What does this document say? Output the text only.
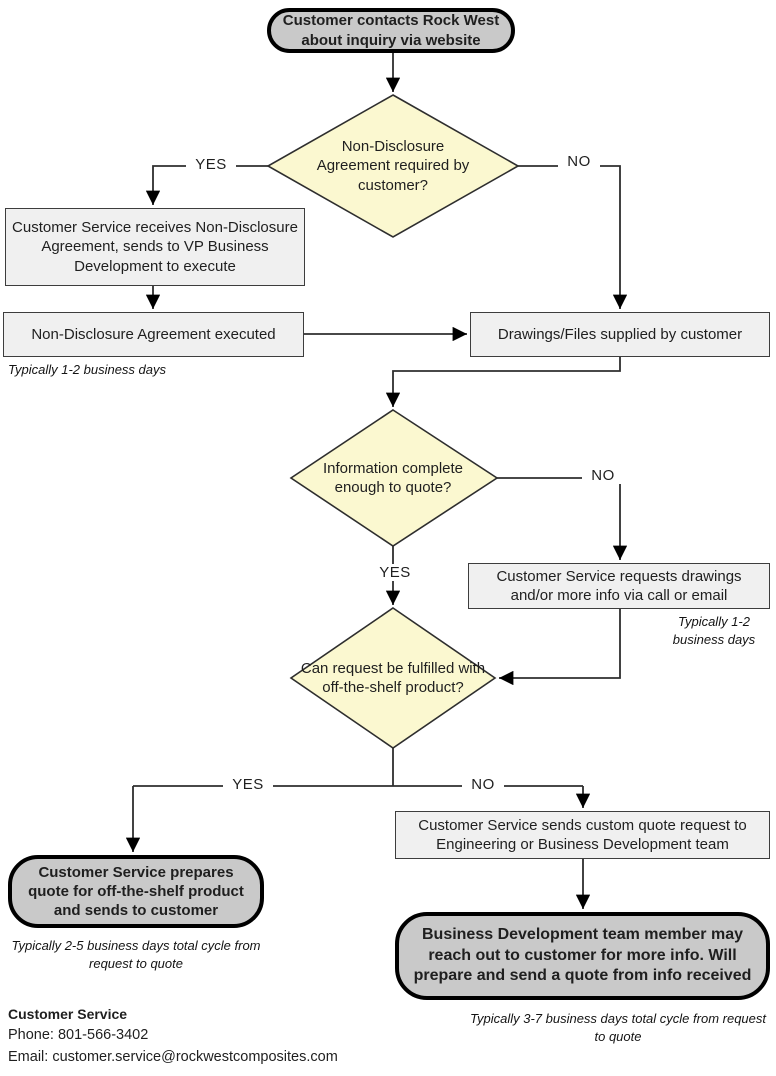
Customer contacts Rock West about inquiry via website
Customer Service receives Non-Disclosure Agreement, sends to VP Business Development to execute
Non-Disclosure Agreement executed	Drawings/Files supplied by customer
Customer Service requests drawings and/or more info via call or email
Customer Service sends custom quote request to Engineering or Business Development team
Customer Service prepares quote for off-the-shelf product and sends to customer
Business Development team member may reach out to customer for more info. Will prepare and send a quote from info received
Non-Disclosure Agreement required by customer?
Information complete enough to quote?
Can request be fulfilled with off-the-shelf product?
YES	NO
NO
YES
YES	NO
Typically 1-2 business days
Typically 1-2 business days
Typically 2-5 business days total cycle from request to quote
Typically 3-7 business days total cycle from request to quote
Customer Service
Phone: 801-566-3402
Email: customer.service@rockwestcomposites.com
